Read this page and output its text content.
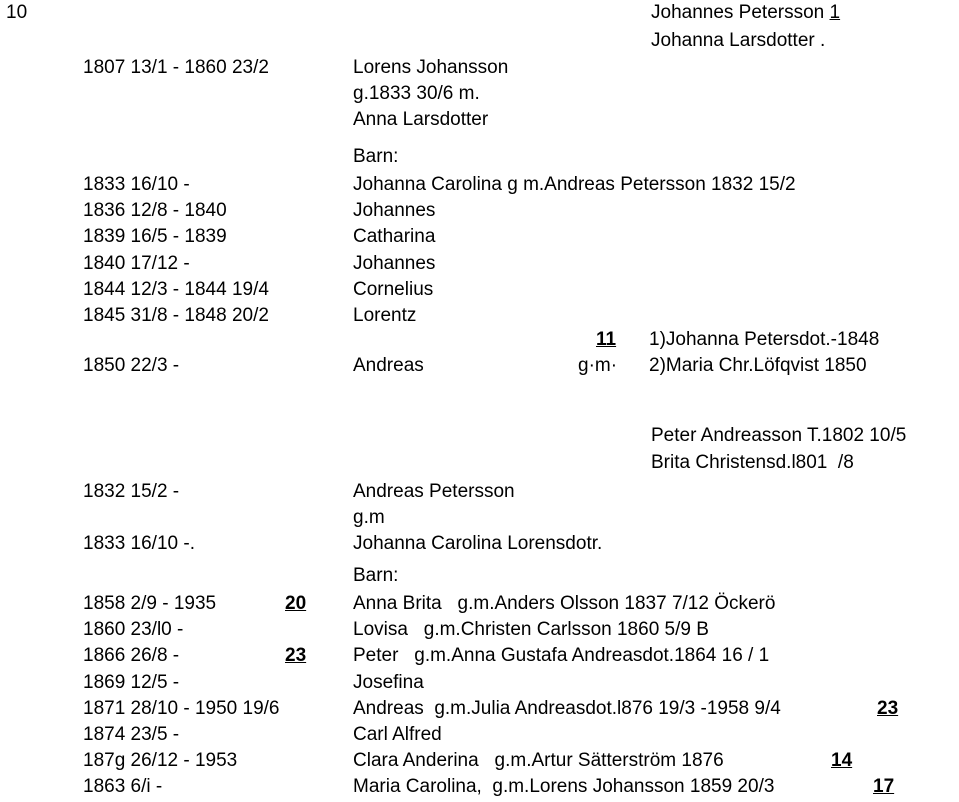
10	Johannes Petersson 1
Johanna Larsdotter .
1807 13/1 - 1860 23/2	Lorens Johansson
g.1833 30/6 m.
Anna Larsdotter
Barn:
1833 16/10 -	Johanna Carolina g m.Andreas Petersson 1832 15/2
1836 12/8 - 1840	Johannes
1839 16/5 - 1839	Catharina
1840 17/12 -	Johannes
1844 12/3 - 1844 19/4	Cornelius
1845 31/8 - 1848 20/2	Lorentz
11 1)Johanna Petersdot.-1848
1850 22/3 -	Andreas	g·m· 2)Maria Chr.Löfqvist 1850
Peter Andreasson T.1802 10/5
Brita Christensd.l801  /8
1832 15/2 -	Andreas Petersson
g.m
1833 16/10 -.	Johanna Carolina Lorensdotr.
Barn:
1858 2/9 - 1935	20 Anna Brita   g.m.Anders Olsson 1837 7/12 Öckerö
1860 23/l0 -	Lovisa   g.m.Christen Carlsson 1860 5/9 B
1866 26/8 -	23 Peter   g.m.Anna Gustafa Andreasdot.1864 16 / 1
1869 12/5 -	Josefina
1871 28/10 - 1950 19/6	Andreas  g.m.Julia Andreasdot.l876 19/3 -1958 9/4	23
1874 23/5 -	Carl Alfred
187g 26/12 - 1953	Clara Anderina   g.m.Artur Sätterström 1876	14
1863 6/i -	Maria Carolina,  g.m.Lorens Johansson 1859 20/3	17
